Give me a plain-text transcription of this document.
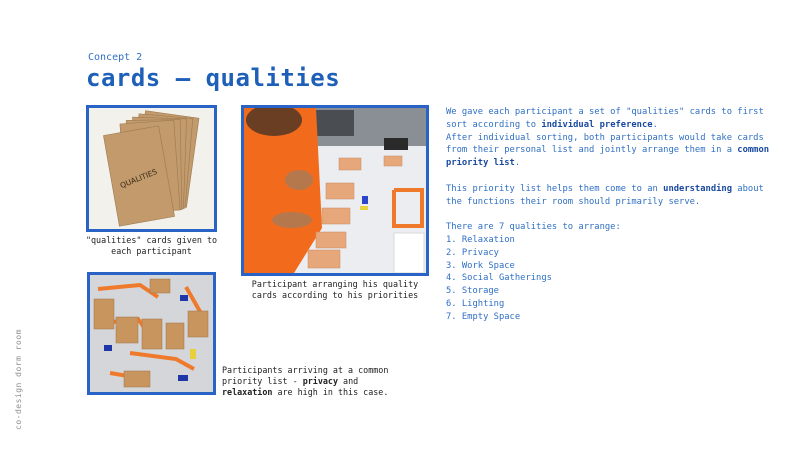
Concept 2
cards – qualities
QUALITIES
"qualities" cards given to each participant
Participant arranging his quality cards according to his priorities
Participants arriving at a common priority list - privacy and relaxation are high in this case.

We gave each participant a set of "qualities" cards to first sort according to individual preference.

After individual sorting, both participants would take cards from their personal list and jointly arrange them in a common priority list.

This priority list helps them come to an understanding about the functions their room should primarily serve.

There are 7 qualities to arrange:

1. Relaxation
2. Privacy
3. Work Space
4. Social Gatherings
5. Storage
6. Lighting
7. Empty Space
co-design dorm room
